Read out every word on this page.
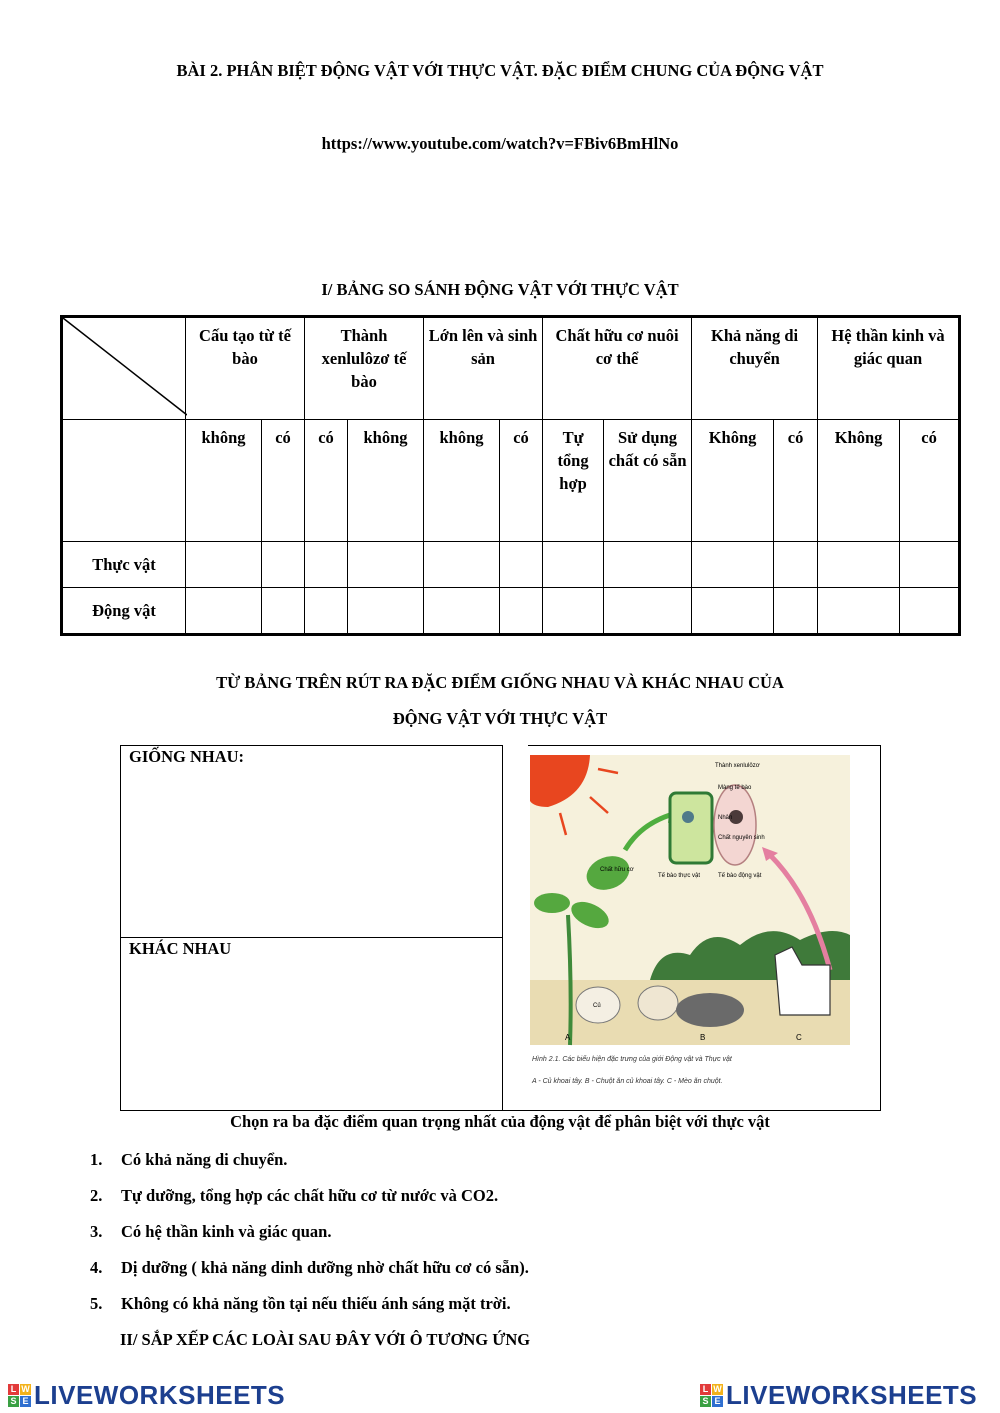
BÀI 2. PHÂN BIỆT ĐỘNG VẬT VỚI THỰC VẬT. ĐẶC ĐIỂM CHUNG CỦA ĐỘNG VẬT
https://www.youtube.com/watch?v=FBiv6BmHlNo
I/ BẢNG SO SÁNH ĐỘNG VẬT VỚI THỰC VẬT
	Cấu tạo từ tế bào		Thành xenlulôzơ tế bào		Lớn lên và sinh sản		Chất hữu cơ nuôi cơ thể		Khả năng di chuyển		Hệ thần kinh và giác quan	
	không	có	có	không	không	có	Tự tổng hợp	Sử dụng chất có sẵn	Không	có	Không	có
Thực vật												
Động vật												
TỪ BẢNG TRÊN RÚT RA ĐẶC ĐIỂM GIỐNG NHAU VÀ KHÁC NHAU CỦA
ĐỘNG VẬT VỚI THỰC VẬT
GIỐNG NHAU:
KHÁC NHAU
Chất hữu cơ
Thành xenlulôzơ
Màng tế bào
Nhân
Chất nguyên sinh
Tế bào thực vật	Tế bào động vật
Củ
A	B	C
Hình 2.1. Các biểu hiện đặc trưng của giới Động vật và Thực vật
A - Củ khoai tây. B - Chuột ăn củ khoai tây. C - Mèo ăn chuột.
Chọn ra ba đặc điểm quan trọng nhất của động vật để phân biệt với thực vật
1. Có khả năng di chuyển.
2. Tự dưỡng, tổng hợp các chất hữu cơ từ nước và CO2.
3. Có hệ thần kinh và giác quan.
4. Dị dưỡng ( khả năng dinh dưỡng nhờ chất hữu cơ có sẵn).
5. Không có khả năng tồn tại nếu thiếu ánh sáng mặt trời.
II/ SẮP XẾP CÁC LOÀI SAU ĐÂY VỚI Ô TƯƠNG ỨNG
L W
S E LIVEWORKSHEETS	L W
S E LIVEWORKSHEETS
